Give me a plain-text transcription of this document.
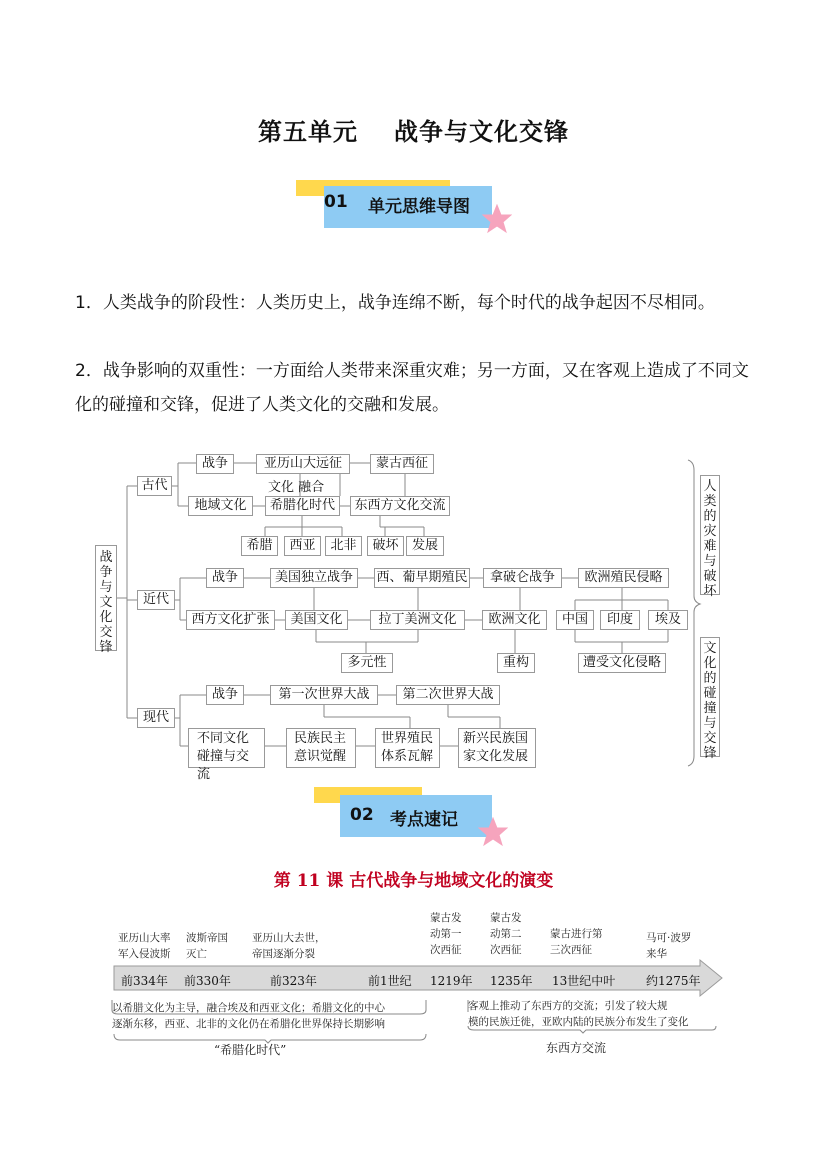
第五单元 战争与文化交锋
01 单元思维导图
1．人类战争的阶段性：人类历史上，战争连绵不断，每个时代的战争起因不尽相同。
2．战争影响的双重性：一方面给人类带来深重灾难；另一方面，又在客观上造成了不同文化的碰撞和交锋，促进了人类文化的交融和发展。
战
争
与
文
化
交
锋
古代
近代
现代
战争	亚历山大远征	蒙古西征
文化 融合
地域文化	希腊化时代	东西方文化交流
希腊	西亚	北非	破坏	发展
战争	美国独立战争	西、葡早期殖民	拿破仑战争	欧洲殖民侵略
西方文化扩张	美国文化	拉丁美洲文化	欧洲文化	中国	印度	埃及
多元性	重构	遭受文化侵略
战争	第一次世界大战	第二次世界大战
不同文化碰撞与交流
民族民主意识觉醒
世界殖民体系瓦解
新兴民族国家文化发展
人
类
的
灾
难
与
破
坏
文
化
的
碰
撞
与
交
锋
02 考点速记
第 11 课 古代战争与地域文化的演变
前334年 前330年	前323年	前1世纪 1219年 1235年 13世纪中叶	约1275年
亚历山大率军入侵波斯
波斯帝国灭亡
亚历山大去世，帝国逐渐分裂
蒙古发动第一次西征
蒙古发动第二次西征
蒙古进行第三次西征
马可·波罗来华
以希腊文化为主导，融合埃及和西亚文化；希腊文化的中心
逐渐东移，西亚、北非的文化仍在希腊化世界保持长期影响
“希腊化时代”
客观上推动了东西方的交流；引发了较大规
模的民族迁徙，亚欧内陆的民族分布发生了变化
东西方交流
